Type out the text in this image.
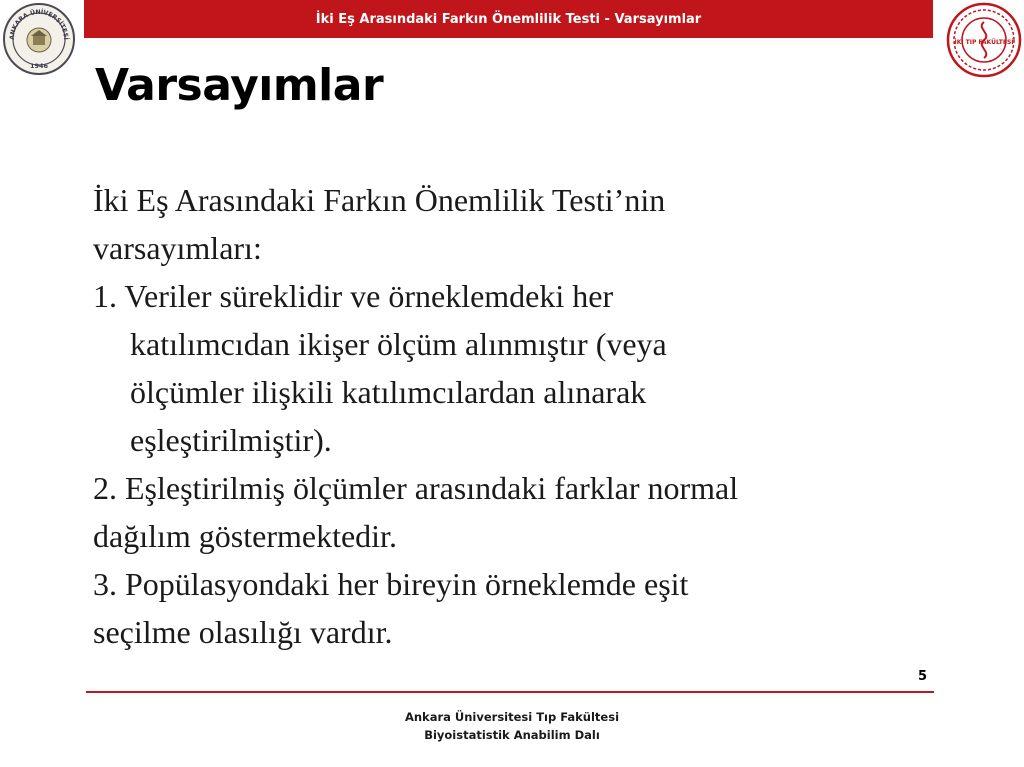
ANKARA ÜNİVERSİTESİ
1946
İki Eş Arasındaki Farkın Önemlilik Testi - Varsayımlar
İKİ TIP FAKÜLTESİ
Varsayımlar
İki Eş Arasındaki Farkın Önemlilik Testi’nin
varsayımları:
1. Veriler süreklidir ve örneklemdeki her
katılımcıdan ikişer ölçüm alınmıştır (veya
ölçümler ilişkili katılımcılardan alınarak
eşleştirilmiştir).
2. Eşleştirilmiş ölçümler arasındaki farklar normal
dağılım göstermektedir.
3. Popülasyondaki her bireyin örneklemde eşit
seçilme olasılığı vardır.
5
Ankara Üniversitesi Tıp Fakültesi
Biyoistatistik Anabilim Dalı
